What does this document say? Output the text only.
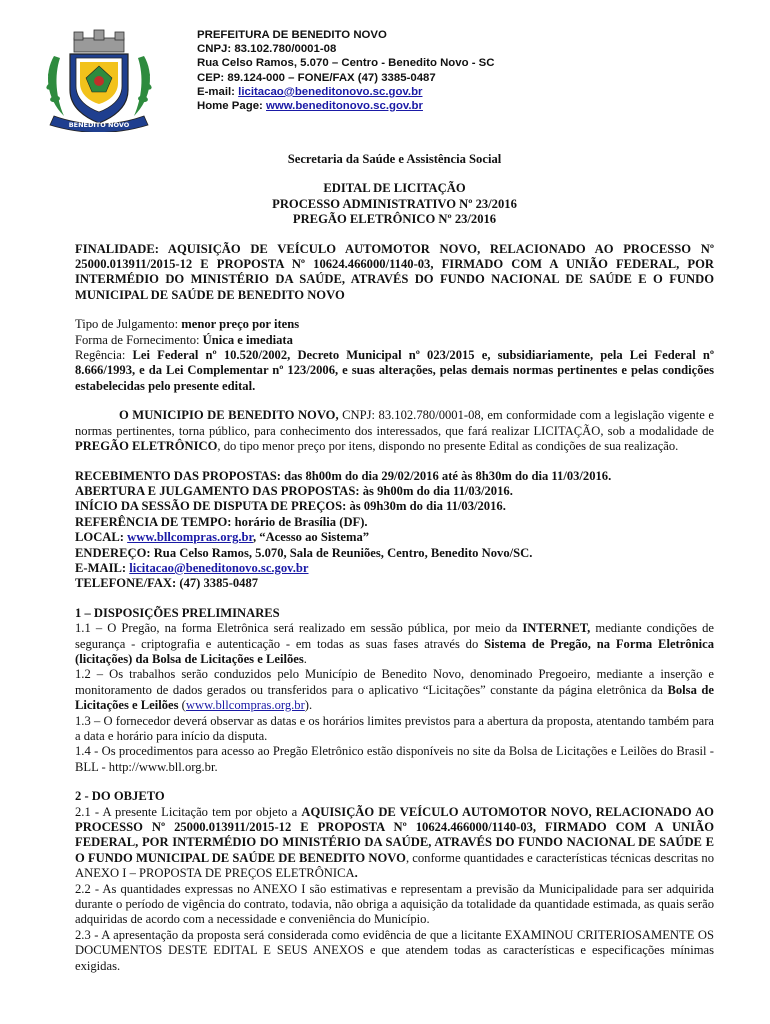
BENEDITO NOVO
PREFEITURA DE BENEDITO NOVO
CNPJ: 83.102.780/0001-08
Rua Celso Ramos, 5.070 – Centro - Benedito Novo - SC
CEP: 89.124-000 – FONE/FAX (47) 3385-0487
E-mail: licitacao@beneditonovo.sc.gov.br
Home Page: www.beneditonovo.sc.gov.br

Secretaria da Saúde e Assistência Social

EDITAL DE LICITAÇÃO

PROCESSO ADMINISTRATIVO Nº 23/2016

PREGÃO ELETRÔNICO Nº 23/2016

FINALIDADE: AQUISIÇÃO DE VEÍCULO AUTOMOTOR NOVO, RELACIONADO AO PROCESSO Nº 25000.013911/2015-12 E PROPOSTA Nº 10624.466000/1140-03, FIRMADO COM A UNIÃO FEDERAL, POR INTERMÉDIO DO MINISTÉRIO DA SAÚDE, ATRAVÉS DO FUNDO NACIONAL DE SAÚDE E O FUNDO MUNICIPAL DE SAÚDE DE BENEDITO NOVO

Tipo de Julgamento: menor preço por itens

Forma de Fornecimento: Única e imediata

Regência: Lei Federal nº 10.520/2002, Decreto Municipal nº 023/2015 e, subsidiariamente, pela Lei Federal nº 8.666/1993, e da Lei Complementar nº 123/2006, e suas alterações, pelas demais normas pertinentes e pelas condições estabelecidas pelo presente edital.

O MUNICIPIO DE BENEDITO NOVO, CNPJ: 83.102.780/0001-08, em conformidade com a legislação vigente e normas pertinentes, torna público, para conhecimento dos interessados, que fará realizar LICITAÇÃO, sob a modalidade de PREGÃO ELETRÔNICO, do tipo menor preço por itens, dispondo no presente Edital as condições de sua realização.

RECEBIMENTO DAS PROPOSTAS: das 8h00m do dia 29/02/2016 até às 8h30m do dia 11/03/2016.

ABERTURA E JULGAMENTO DAS PROPOSTAS: às 9h00m do dia 11/03/2016.

INÍCIO DA SESSÃO DE DISPUTA DE PREÇOS: às 09h30m do dia 11/03/2016.

REFERÊNCIA DE TEMPO: horário de Brasília (DF).

LOCAL: www.bllcompras.org.br, “Acesso ao Sistema”

ENDEREÇO: Rua Celso Ramos, 5.070, Sala de Reuniões, Centro, Benedito Novo/SC.

E-MAIL: licitacao@beneditonovo.sc.gov.br

TELEFONE/FAX: (47) 3385-0487

1 – DISPOSIÇÕES PRELIMINARES

1.1 – O Pregão, na forma Eletrônica será realizado em sessão pública, por meio da INTERNET, mediante condições de segurança - criptografia e autenticação - em todas as suas fases através do Sistema de Pregão, na Forma Eletrônica (licitações) da Bolsa de Licitações e Leilões.

1.2 – Os trabalhos serão conduzidos pelo Município de Benedito Novo, denominado Pregoeiro, mediante a inserção e monitoramento de dados gerados ou transferidos para o aplicativo “Licitações” constante da página eletrônica da Bolsa de Licitações e Leilões (www.bllcompras.org.br).

1.3 – O fornecedor deverá observar as datas e os horários limites previstos para a abertura da proposta, atentando também para a data e horário para início da disputa.

1.4 - Os procedimentos para acesso ao Pregão Eletrônico estão disponíveis no site da Bolsa de Licitações e Leilões do Brasil - BLL - http://www.bll.org.br.

2 - DO OBJETO

2.1 - A presente Licitação tem por objeto a AQUISIÇÃO DE VEÍCULO AUTOMOTOR NOVO, RELACIONADO AO PROCESSO Nº 25000.013911/2015-12 E PROPOSTA Nº 10624.466000/1140-03, FIRMADO COM A UNIÃO FEDERAL, POR INTERMÉDIO DO MINISTÉRIO DA SAÚDE, ATRAVÉS DO FUNDO NACIONAL DE SAÚDE E O FUNDO MUNICIPAL DE SAÚDE DE BENEDITO NOVO, conforme quantidades e características técnicas descritas no ANEXO I – PROPOSTA DE PREÇOS ELETRÔNICA.

2.2 - As quantidades expressas no ANEXO I são estimativas e representam a previsão da Municipalidade para ser adquirida durante o período de vigência do contrato, todavia, não obriga a aquisição da totalidade da quantidade estimada, as quais serão adquiridas de acordo com a necessidade e conveniência do Município.

2.3 - A apresentação da proposta será considerada como evidência de que a licitante EXAMINOU CRITERIOSAMENTE OS DOCUMENTOS DESTE EDITAL E SEUS ANEXOS e que atendem todas as características e especificações mínimas exigidas.
